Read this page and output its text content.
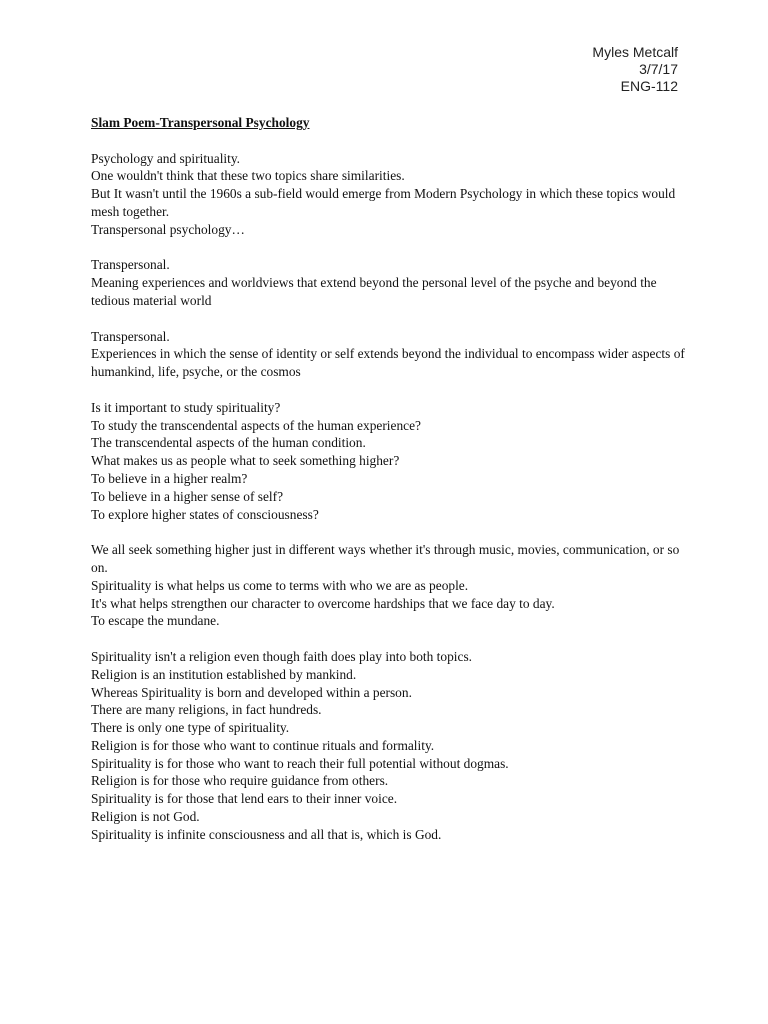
Myles Metcalf
3/7/17
ENG-112
Slam Poem-Transpersonal Psychology
Psychology and spirituality.
One wouldn't think that these two topics share similarities.
But It wasn't until the 1960s a sub-field would emerge from Modern Psychology in which these topics would mesh together.
Transpersonal psychology…
Transpersonal.
Meaning experiences and worldviews that extend beyond the personal level of the psyche and beyond the tedious material world
Transpersonal.
Experiences in which the sense of identity or self extends beyond the individual to encompass wider aspects of humankind, life, psyche, or the cosmos
Is it important to study spirituality?
To study the transcendental aspects of the human experience?
The transcendental aspects of the human condition.
What makes us as people what to seek something higher?
To believe in a higher realm?
To believe in a higher sense of self?
To explore higher states of consciousness?
We all seek something higher just in different ways whether it's through music, movies, communication, or so on.
Spirituality is what helps us come to terms with who we are as people.
It's what helps strengthen our character to overcome hardships that we face day to day.
To escape the mundane.
Spirituality isn't a religion even though faith does play into both topics.
Religion is an institution established by mankind.
Whereas Spirituality is born and developed within a person.
There are many religions, in fact hundreds.
There is only one type of spirituality.
Religion is for those who want to continue rituals and formality.
Spirituality is for those who want to reach their full potential without dogmas.
Religion is for those who require guidance from others.
Spirituality is for those that lend ears to their inner voice.
Religion is not God.
Spirituality is infinite consciousness and all that is, which is God.
